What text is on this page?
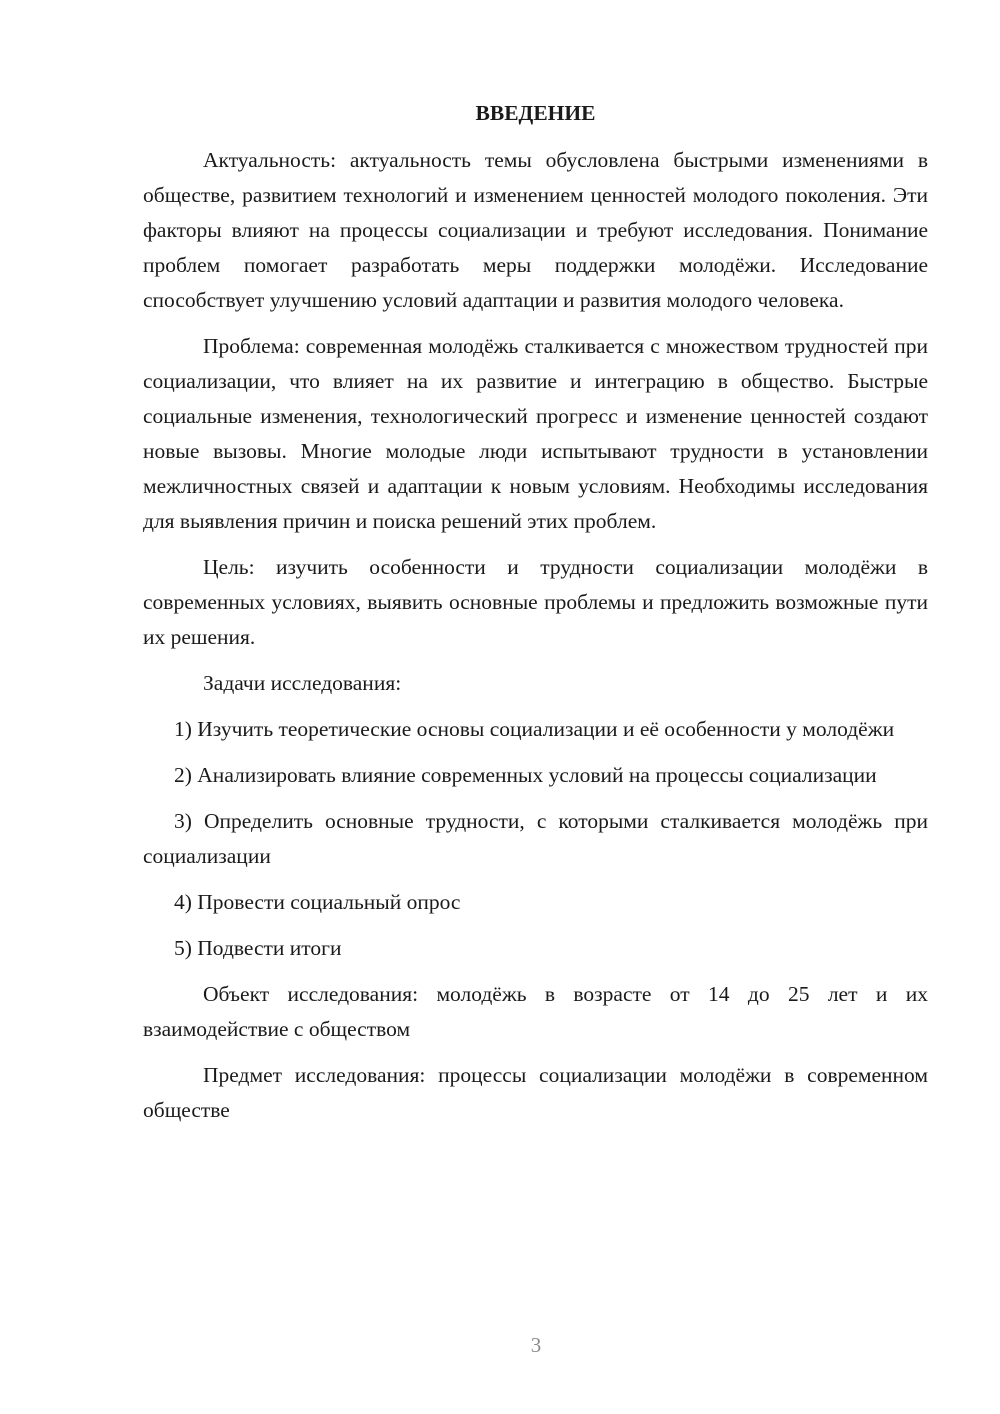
ВВЕДЕНИЕ

Актуальность: актуальность темы обусловлена быстрыми изменениями в обществе, развитием технологий и изменением ценностей молодого поколения. Эти факторы влияют на процессы социализации и требуют исследования. Понимание проблем помогает разработать меры поддержки молодёжи. Исследование способствует улучшению условий адаптации и развития молодого человека.

Проблема: современная молодёжь сталкивается с множеством трудностей при социализации, что влияет на их развитие и интеграцию в общество. Быстрые социальные изменения, технологический прогресс и изменение ценностей создают новые вызовы. Многие молодые люди испытывают трудности в установлении межличностных связей и адаптации к новым условиям. Необходимы исследования для выявления причин и поиска решений этих проблем.

Цель: изучить особенности и трудности социализации молодёжи в современных условиях, выявить основные проблемы и предложить возможные пути их решения.

Задачи исследования:

1) Изучить теоретические основы социализации и её особенности у молодёжи

2) Анализировать влияние современных условий на процессы социализации

3) Определить основные трудности, с которыми сталкивается молодёжь при социализации

4) Провести социальный опрос

5) Подвести итоги

Объект исследования: молодёжь в возрасте от 14 до 25 лет и их взаимодействие с обществом

Предмет исследования: процессы социализации молодёжи в современном обществе

3
